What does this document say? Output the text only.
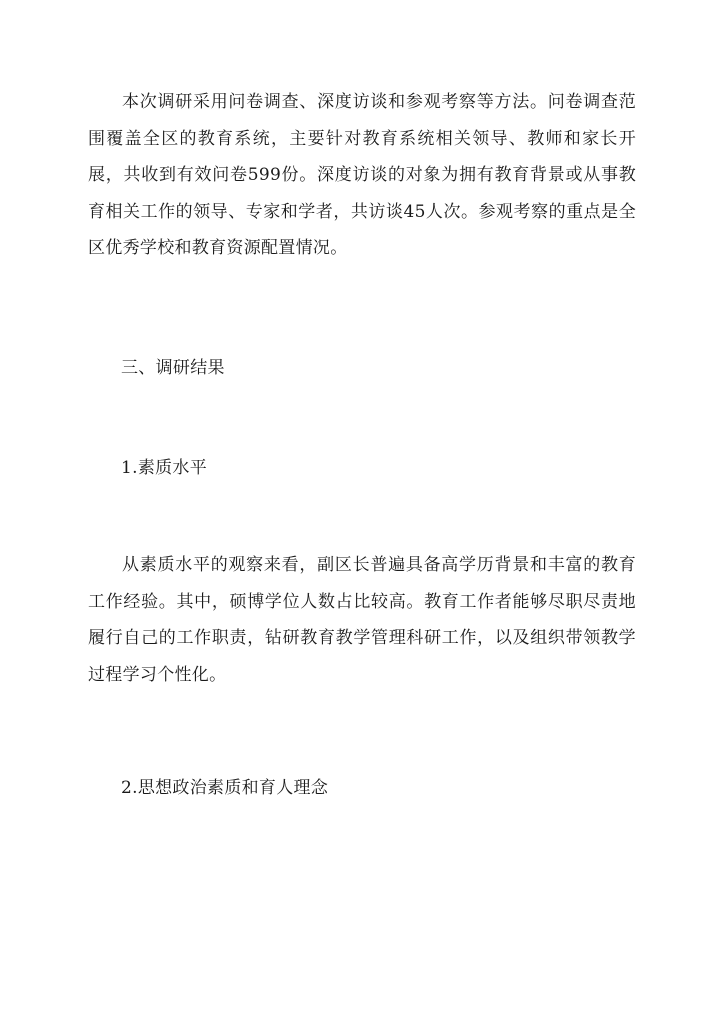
本次调研采用问卷调查、深度访谈和参观考察等方法。问卷调查范围覆盖全区的教育系统，主要针对教育系统相关领导、教师和家长开展，共收到有效问卷599份。深度访谈的对象为拥有教育背景或从事教育相关工作的领导、专家和学者，共访谈45人次。参观考察的重点是全区优秀学校和教育资源配置情况。

三、调研结果

1.素质水平

从素质水平的观察来看，副区长普遍具备高学历背景和丰富的教育工作经验。其中，硕博学位人数占比较高。教育工作者能够尽职尽责地履行自己的工作职责，钻研教育教学管理科研工作，以及组织带领教学过程学习个性化。

2.思想政治素质和育人理念
